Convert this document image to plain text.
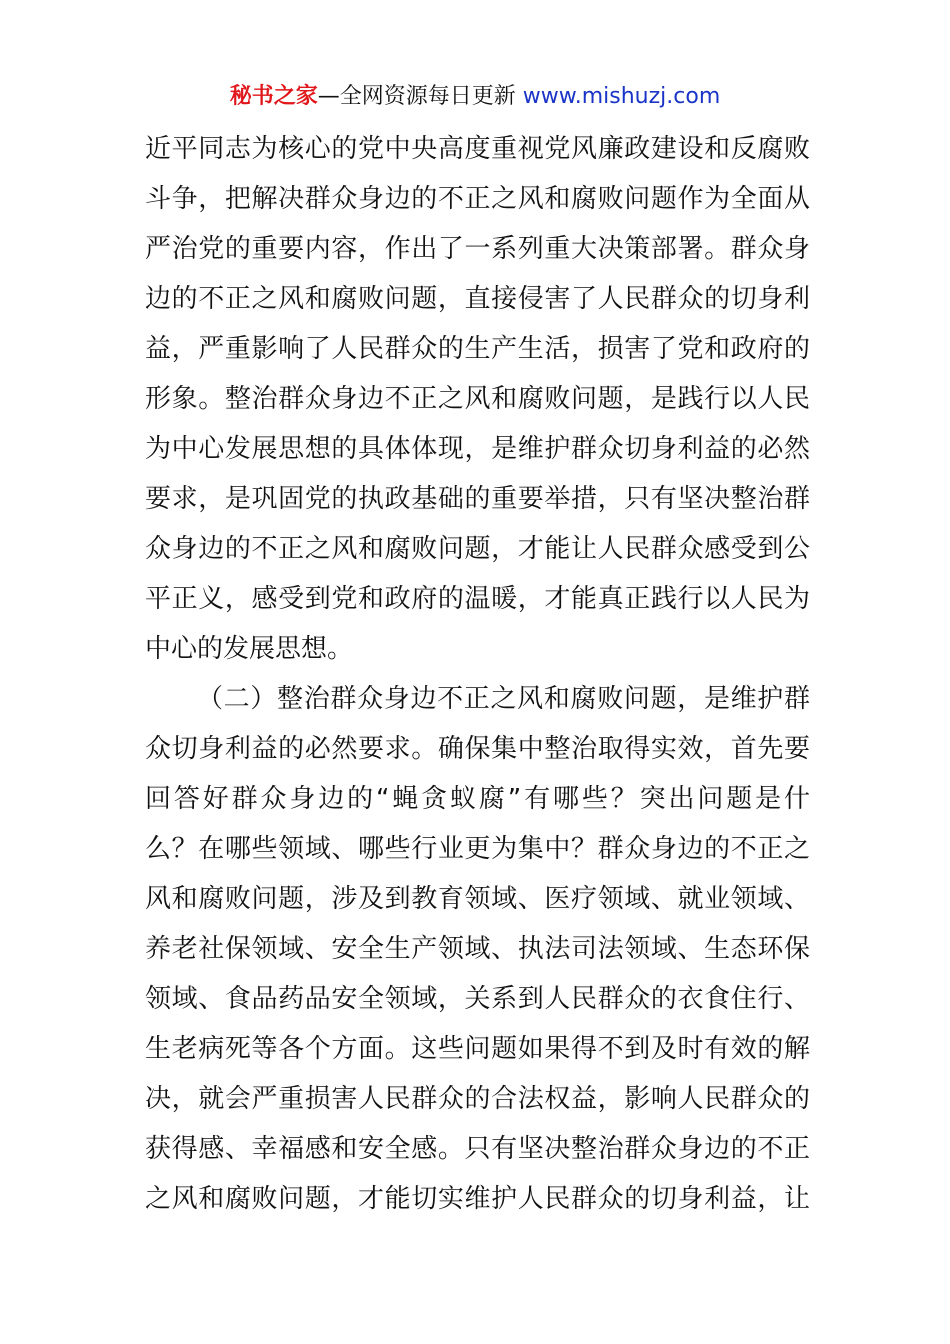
秘书之家—全网资源每日更新 www.mishuzj.com
近平同志为核心的党中央高度重视党风廉政建设和反腐败
斗争，把解决群众身边的不正之风和腐败问题作为全面从
严治党的重要内容，作出了一系列重大决策部署。群众身
边的不正之风和腐败问题，直接侵害了人民群众的切身利
益，严重影响了人民群众的生产生活，损害了党和政府的
形象。整治群众身边不正之风和腐败问题，是践行以人民
为中心发展思想的具体体现，是维护群众切身利益的必然
要求，是巩固党的执政基础的重要举措，只有坚决整治群
众身边的不正之风和腐败问题，才能让人民群众感受到公
平正义，感受到党和政府的温暖，才能真正践行以人民为
中心的发展思想。
（二）整治群众身边不正之风和腐败问题，是维护群
众切身利益的必然要求。确保集中整治取得实效，首先要
回答好群众身边的“蝇贪蚁腐”有哪些？突出问题是什
么？在哪些领域、哪些行业更为集中？群众身边的不正之
风和腐败问题，涉及到教育领域、医疗领域、就业领域、
养老社保领域、安全生产领域、执法司法领域、生态环保
领域、食品药品安全领域，关系到人民群众的衣食住行、
生老病死等各个方面。这些问题如果得不到及时有效的解
决，就会严重损害人民群众的合法权益，影响人民群众的
获得感、幸福感和安全感。只有坚决整治群众身边的不正
之风和腐败问题，才能切实维护人民群众的切身利益，让
